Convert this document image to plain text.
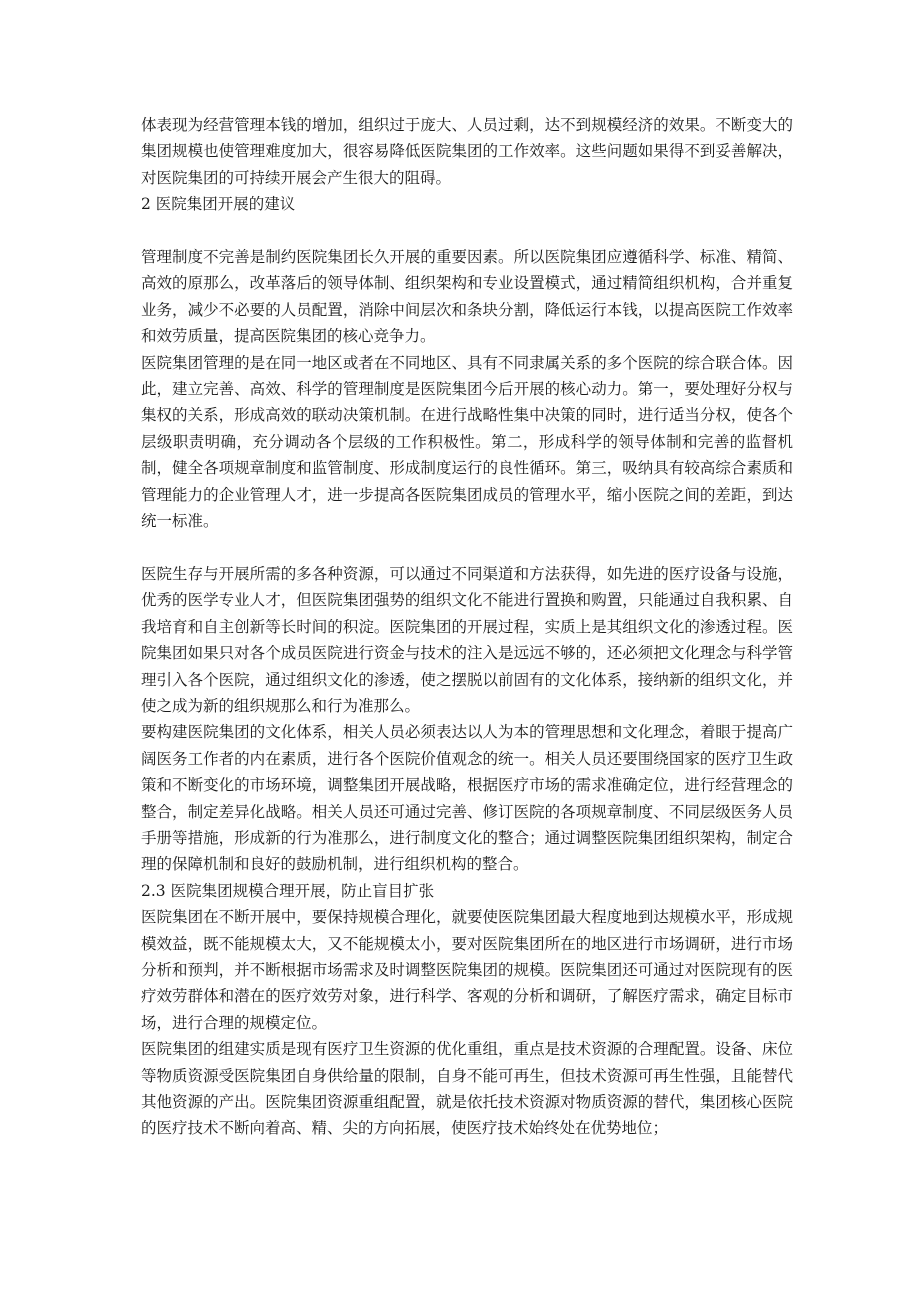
体表现为经营管理本钱的增加，组织过于庞大、人员过剩，达不到规模经济的效果。不断变大的集团规模也使管理难度加大，很容易降低医院集团的工作效率。这些问题如果得不到妥善解决，对医院集团的可持续开展会产生很大的阻碍。

2 医院集团开展的建议

管理制度不完善是制约医院集团长久开展的重要因素。所以医院集团应遵循科学、标准、精简、高效的原那么，改革落后的领导体制、组织架构和专业设置模式，通过精简组织机构，合并重复业务，减少不必要的人员配置，消除中间层次和条块分割，降低运行本钱，以提高医院工作效率和效劳质量，提高医院集团的核心竞争力。

医院集团管理的是在同一地区或者在不同地区、具有不同隶属关系的多个医院的综合联合体。因此，建立完善、高效、科学的管理制度是医院集团今后开展的核心动力。第一，要处理好分权与集权的关系，形成高效的联动决策机制。在进行战略性集中决策的同时，进行适当分权，使各个层级职责明确，充分调动各个层级的工作积极性。第二，形成科学的领导体制和完善的监督机制，健全各项规章制度和监管制度、形成制度运行的良性循环。第三，吸纳具有较高综合素质和管理能力的企业管理人才，进一步提高各医院集团成员的管理水平，缩小医院之间的差距，到达统一标准。

医院生存与开展所需的多各种资源，可以通过不同渠道和方法获得，如先进的医疗设备与设施，优秀的医学专业人才，但医院集团强势的组织文化不能进行置换和购置，只能通过自我积累、自我培育和自主创新等长时间的积淀。医院集团的开展过程，实质上是其组织文化的渗透过程。医院集团如果只对各个成员医院进行资金与技术的注入是远远不够的，还必须把文化理念与科学管理引入各个医院，通过组织文化的渗透，使之摆脱以前固有的文化体系，接纳新的组织文化，并使之成为新的组织规那么和行为准那么。

要构建医院集团的文化体系，相关人员必须表达以人为本的管理思想和文化理念，着眼于提高广阔医务工作者的内在素质，进行各个医院价值观念的统一。相关人员还要围绕国家的医疗卫生政策和不断变化的市场环境，调整集团开展战略，根据医疗市场的需求准确定位，进行经营理念的整合，制定差异化战略。相关人员还可通过完善、修订医院的各项规章制度、不同层级医务人员手册等措施，形成新的行为准那么，进行制度文化的整合；通过调整医院集团组织架构，制定合理的保障机制和良好的鼓励机制，进行组织机构的整合。

2.3 医院集团规模合理开展，防止盲目扩张

医院集团在不断开展中，要保持规模合理化，就要使医院集团最大程度地到达规模水平，形成规模效益，既不能规模太大，又不能规模太小，要对医院集团所在的地区进行市场调研，进行市场分析和预判，并不断根据市场需求及时调整医院集团的规模。医院集团还可通过对医院现有的医疗效劳群体和潜在的医疗效劳对象，进行科学、客观的分析和调研，了解医疗需求，确定目标市场，进行合理的规模定位。

医院集团的组建实质是现有医疗卫生资源的优化重组，重点是技术资源的合理配置。设备、床位等物质资源受医院集团自身供给量的限制，自身不能可再生，但技术资源可再生性强，且能替代其他资源的产出。医院集团资源重组配置，就是依托技术资源对物质资源的替代，集团核心医院的医疗技术不断向着高、精、尖的方向拓展，使医疗技术始终处在优势地位；
